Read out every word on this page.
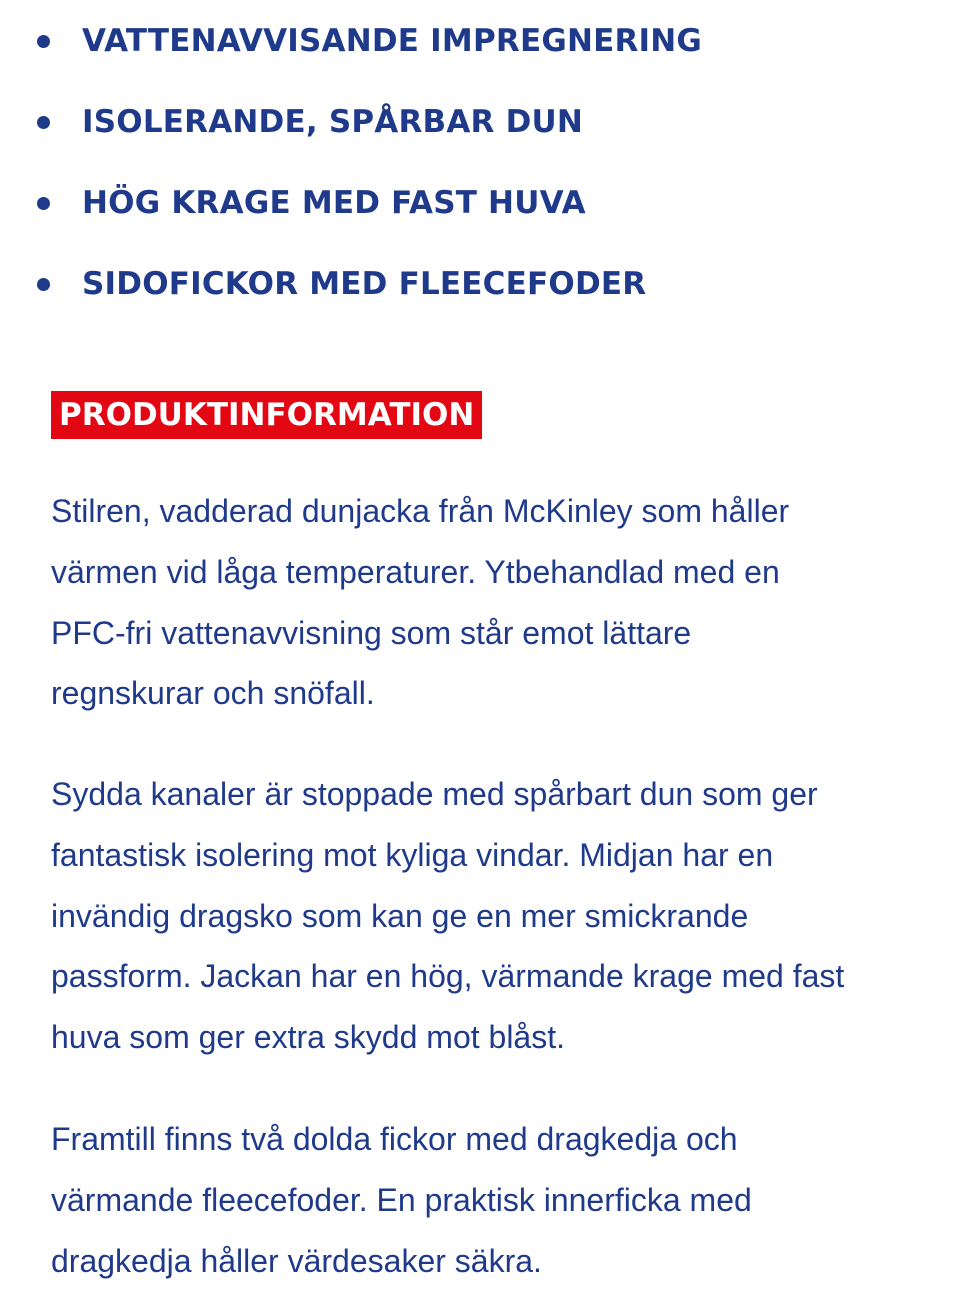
VATTENAVVISANDE IMPREGNERING
ISOLERANDE, SPÅRBAR DUN
HÖG KRAGE MED FAST HUVA
SIDOFICKOR MED FLEECEFODER
PRODUKTINFORMATION

Stilren, vadderad dunjacka från McKinley som håller
värmen vid låga temperaturer. Ytbehandlad med en
PFC-fri vattenavvisning som står emot lättare
regnskurar och snöfall.

Sydda kanaler är stoppade med spårbart dun som ger
fantastisk isolering mot kyliga vindar. Midjan har en
invändig dragsko som kan ge en mer smickrande
passform. Jackan har en hög, värmande krage med fast
huva som ger extra skydd mot blåst.

Framtill finns två dolda fickor med dragkedja och
värmande fleecefoder. En praktisk innerficka med
dragkedja håller värdesaker säkra.
